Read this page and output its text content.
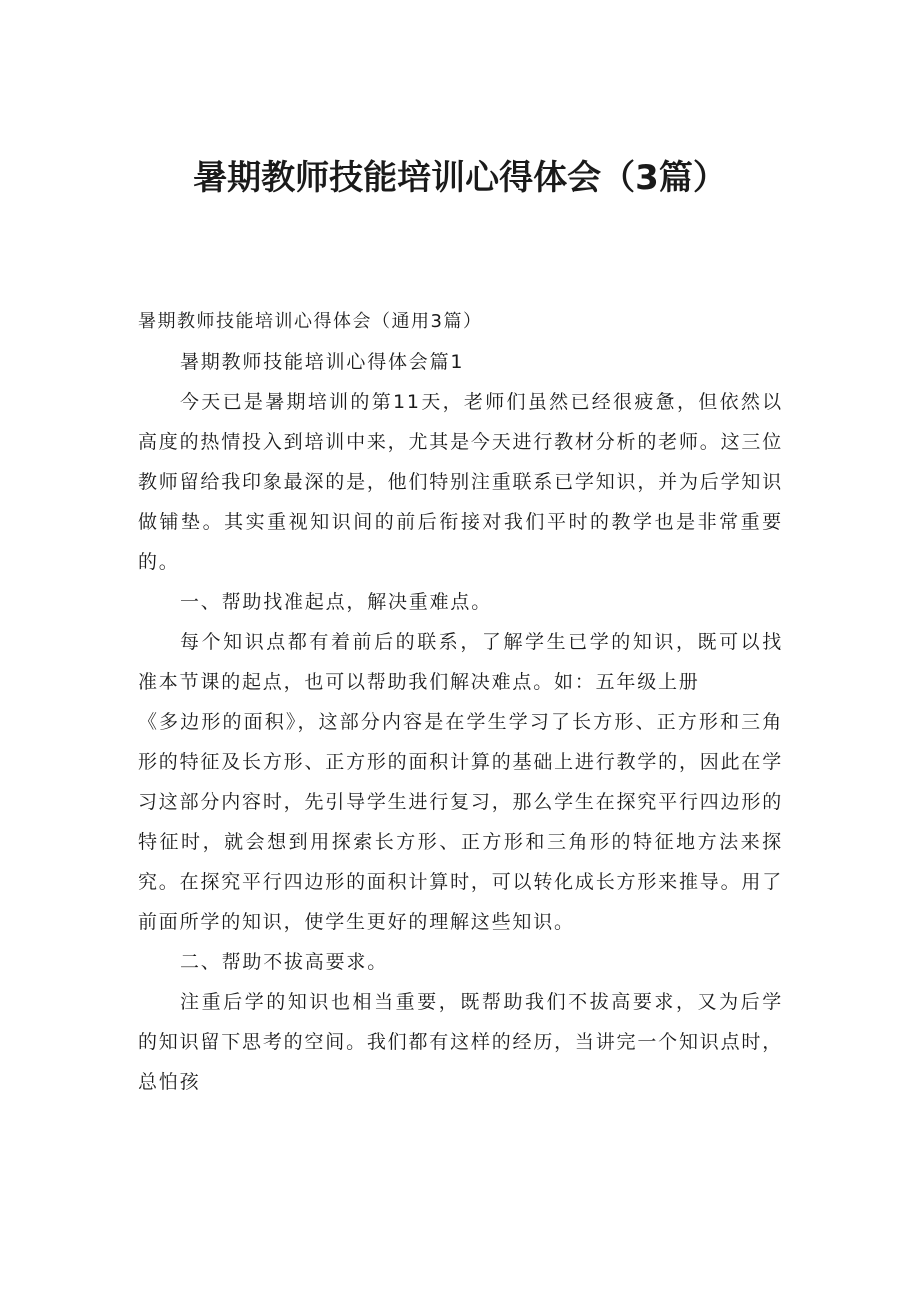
暑期教师技能培训心得体会（3篇）

暑期教师技能培训心得体会（通用3篇）

暑期教师技能培训心得体会篇1

今天已是暑期培训的第11天，老师们虽然已经很疲惫，但依然以高度的热情投入到培训中来，尤其是今天进行教材分析的老师。这三位教师留给我印象最深的是，他们特别注重联系已学知识，并为后学知识做铺垫。其实重视知识间的前后衔接对我们平时的教学也是非常重要的。

一、帮助找准起点，解决重难点。

每个知识点都有着前后的联系，了解学生已学的知识，既可以找准本节课的起点，也可以帮助我们解决难点。如：五年级上册

《多边形的面积》，这部分内容是在学生学习了长方形、正方形和三角形的特征及长方形、正方形的面积计算的基础上进行教学的，因此在学习这部分内容时，先引导学生进行复习，那么学生在探究平行四边形的特征时，就会想到用探索长方形、正方形和三角形的特征地方法来探究。在探究平行四边形的面积计算时，可以转化成长方形来推导。用了前面所学的知识，使学生更好的理解这些知识。

二、帮助不拔高要求。

注重后学的知识也相当重要，既帮助我们不拔高要求，又为后学的知识留下思考的空间。我们都有这样的经历，当讲完一个知识点时，总怕孩
